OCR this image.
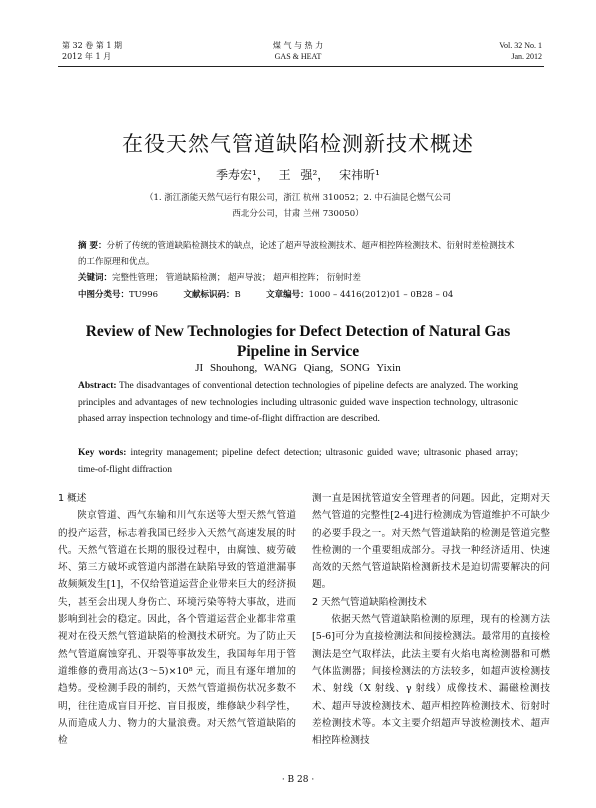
第 32 卷 第 1 期
2012 年 1 月
煤 气 与 热 力
GAS & HEAT
Vol. 32 No. 1
Jan. 2012
在役天然气管道缺陷检测新技术概述
季寿宏¹， 王 强²， 宋祎昕¹
（1. 浙江浙能天然气运行有限公司，浙江 杭州 310052；2. 中石油昆仑燃气公司
西北分公司，甘肃 兰州 730050）
摘 要：分析了传统的管道缺陷检测技术的缺点，论述了超声导波检测技术、超声相控阵检测技术、衍射时差检测技术的工作原理和优点。
关键词：完整性管理； 管道缺陷检测； 超声导波； 超声相控阵； 衍射时差
中图分类号：TU996	文献标识码：B	文章编号：1000 – 4416(2012)01 – 0B28 – 04
Review of New Technologies for Defect Detection of Natural Gas Pipeline in Service
JI Shouhong, WANG Qiang, SONG Yixin
Abstract: The disadvantages of conventional detection technologies of pipeline defects are analyzed. The working principles and advantages of new technologies including ultrasonic guided wave inspection technology, ultrasonic phased array inspection technology and time-of-flight diffraction are described.
Key words: integrity management; pipeline defect detection; ultrasonic guided wave; ultrasonic phased array; time-of-flight diffraction

1 概述

陕京管道、西气东输和川气东送等大型天然气管道的投产运营，标志着我国已经步入天然气高速发展的时代。天然气管道在长期的服役过程中，由腐蚀、疲劳破坏、第三方破坏或管道内部潜在缺陷导致的管道泄漏事故频频发生[1]，不仅给管道运营企业带来巨大的经济损失，甚至会出现人身伤亡、环境污染等特大事故，进而影响到社会的稳定。因此，各个管道运营企业都非常重视对在役天然气管道缺陷的检测技术研究。为了防止天然气管道腐蚀穿孔、开裂等事故发生，我国每年用于管道维修的费用高达(3～5)×10⁸ 元，而且有逐年增加的趋势。受检测手段的制约，天然气管道损伤状况多数不明，往往造成盲目开挖、盲目报废，维修缺少科学性，从而造成人力、物力的大量浪费。对天然气管道缺陷的检

测一直是困扰管道安全管理者的问题。因此，定期对天然气管道的完整性[2-4]进行检测成为管道维护不可缺少的必要手段之一。对天然气管道缺陷的检测是管道完整性检测的一个重要组成部分。寻找一种经济适用、快速高效的天然气管道缺陷检测新技术是迫切需要解决的问题。

2 天然气管道缺陷检测技术

依据天然气管道缺陷检测的原理，现有的检测方法[5-6]可分为直接检测法和间接检测法。最常用的直接检测法是空气取样法，此法主要有火焰电离检测器和可燃气体监测器；间接检测法的方法较多，如超声波检测技术、射线（X 射线、γ 射线）成像技术、漏磁检测技术、超声导波检测技术、超声相控阵检测技术、衍射时差检测技术等。本文主要介绍超声导波检测技术、超声相控阵检测技

· B 28 ·
